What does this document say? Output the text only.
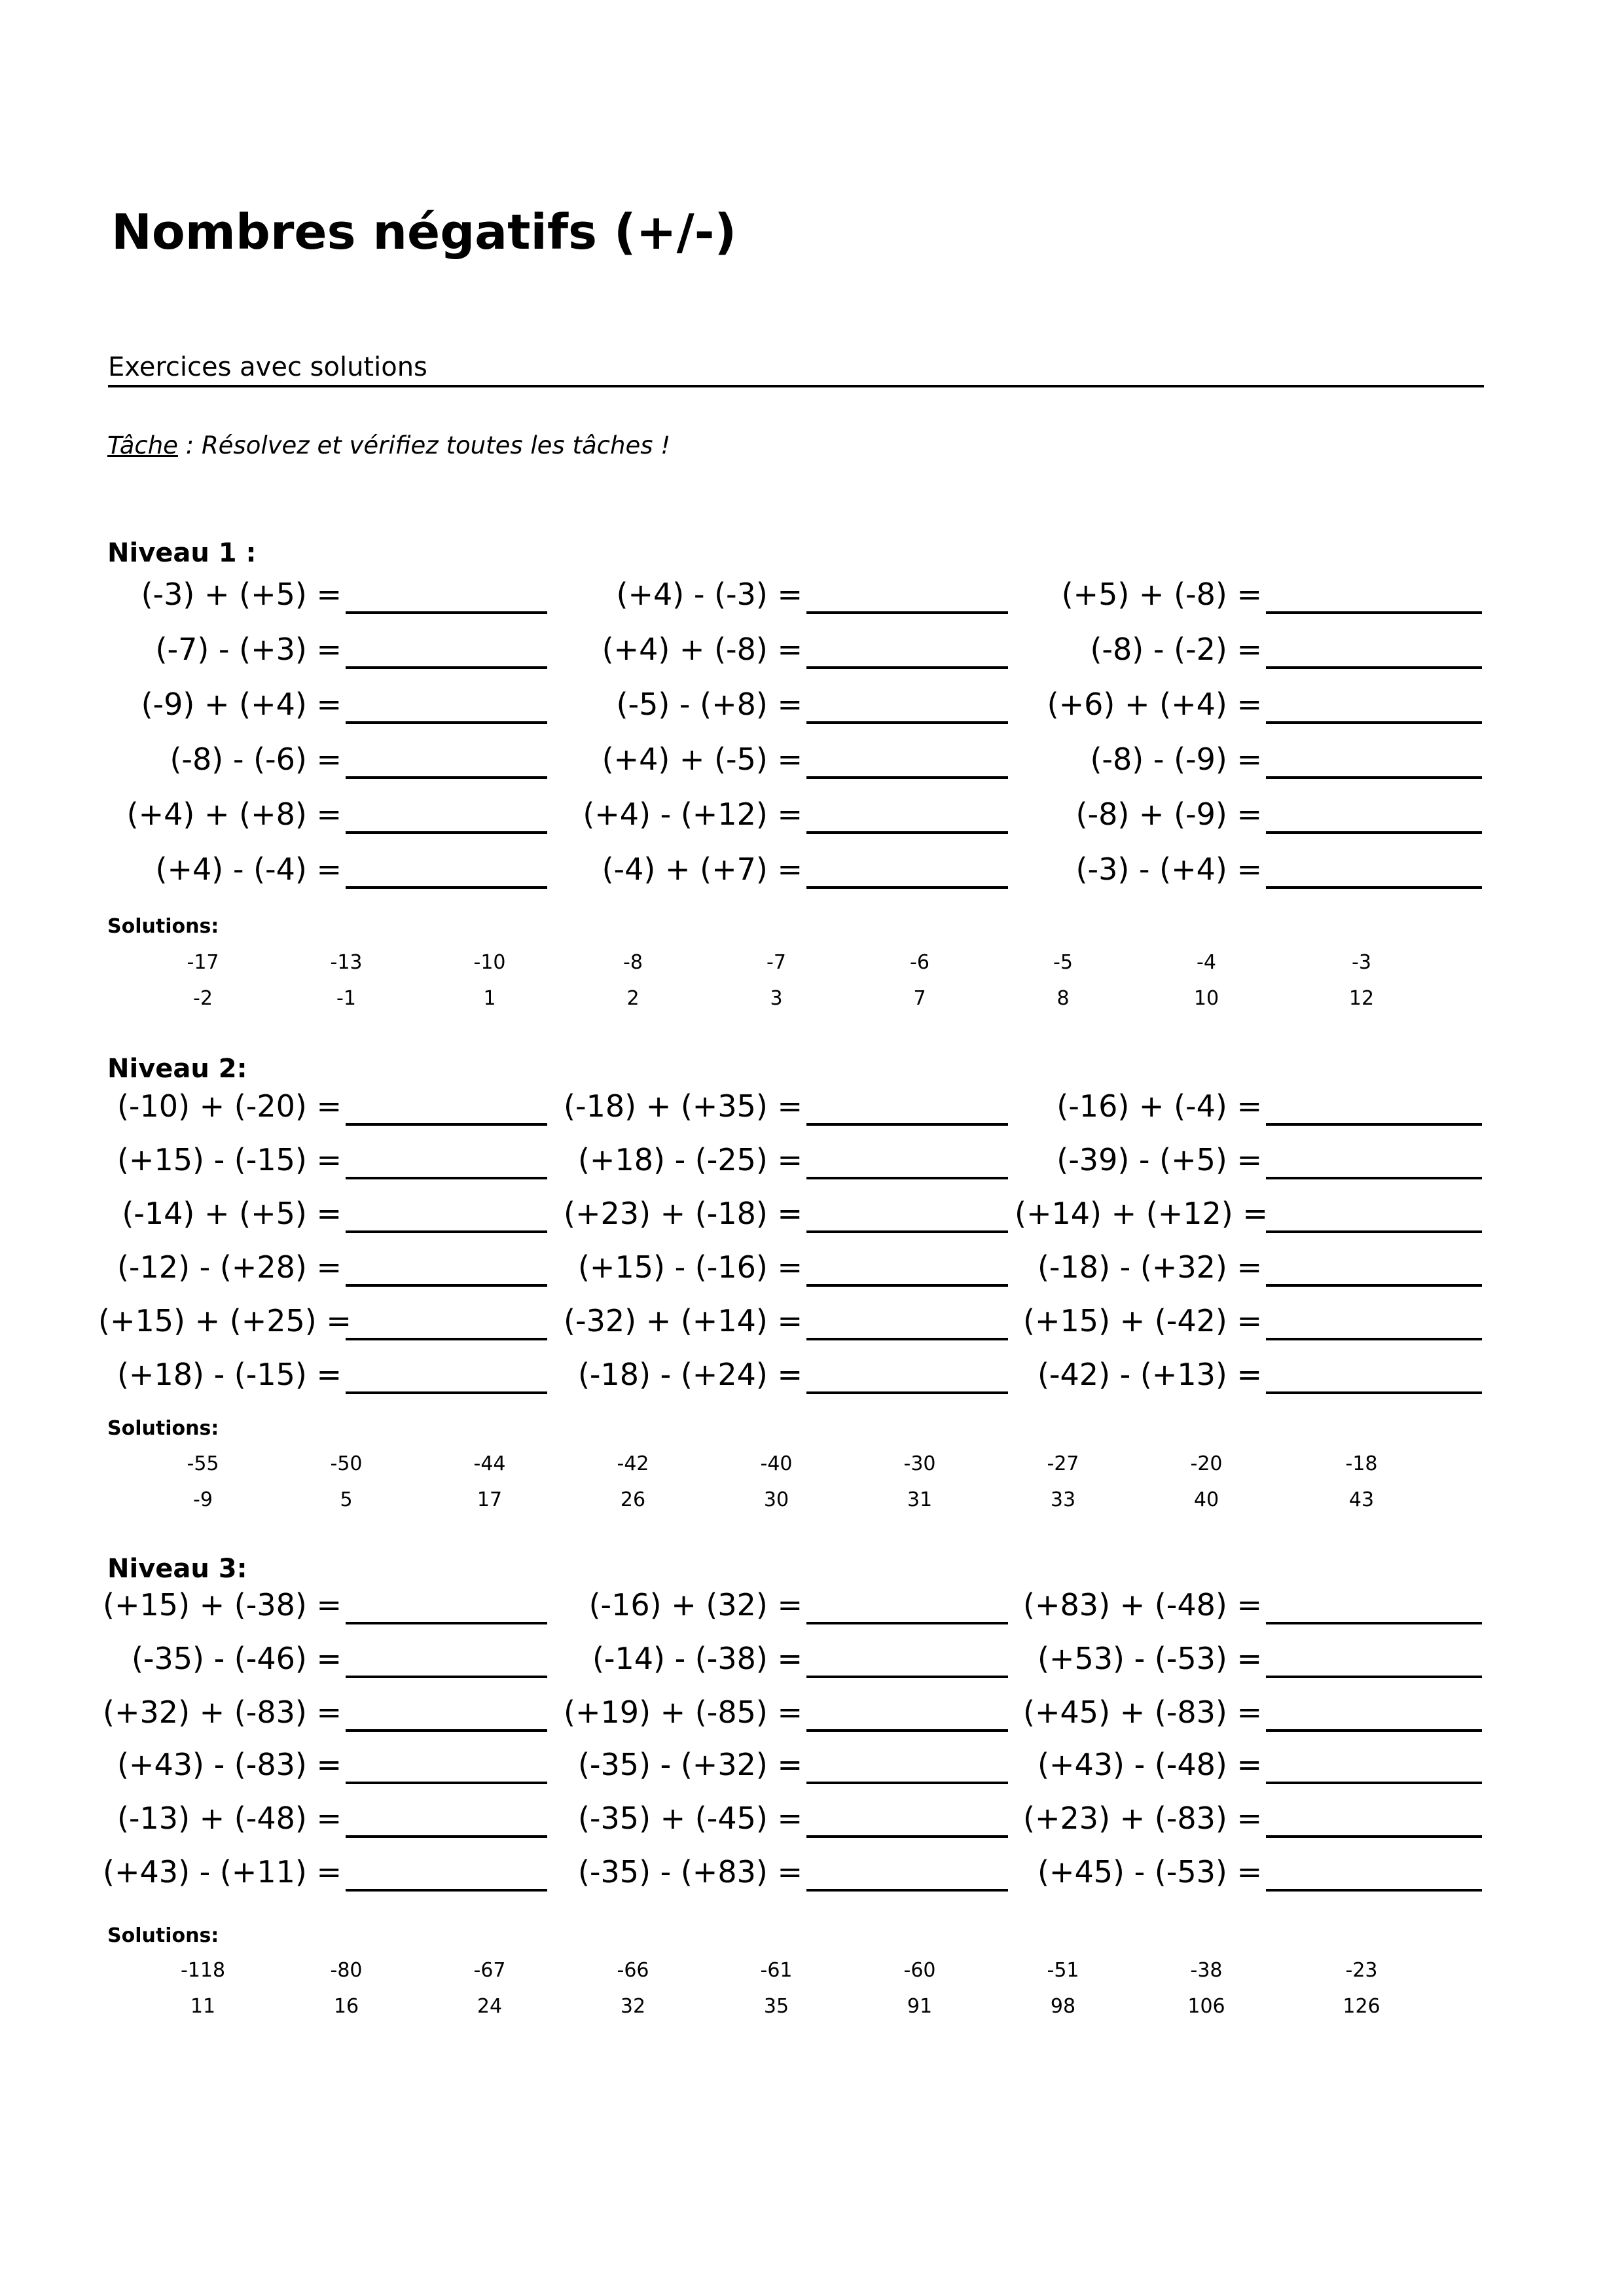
Nombres négatifs (+/-)
Exercices avec solutions
Tâche : Résolvez et vérifiez toutes les tâches !
Niveau 1 :
(-3) + (+5) =	(+4) - (-3) =	(+5) + (-8) =
(-7) - (+3) =	(+4) + (-8) =	(-8) - (-2) =
(-9) + (+4) =	(-5) - (+8) =	(+6) + (+4) =
(-8) - (-6) =	(+4) + (-5) =	(-8) - (-9) =
(+4) + (+8) =	(+4) - (+12) =	(-8) + (-9) =
(+4) - (-4) =	(-4) + (+7) =	(-3) - (+4) =
Solutions:
-17	-13	-10	-8	-7	-6	-5	-4	-3
-2	-1	1	2	3	7	8	10	12
Niveau 2:
(-10) + (-20) =	(-18) + (+35) =	(-16) + (-4) =
(+15) - (-15) =	(+18) - (-25) =	(-39) - (+5) =
(-14) + (+5) =	(+23) + (-18) =	(+14) + (+12) =
(-12) - (+28) =	(+15) - (-16) =	(-18) - (+32) =
(+15) + (+25) =	(-32) + (+14) =	(+15) + (-42) =
(+18) - (-15) =	(-18) - (+24) =	(-42) - (+13) =
Solutions:
-55	-50	-44	-42	-40	-30	-27	-20	-18
-9	5	17	26	30	31	33	40	43
Niveau 3:
(+15) + (-38) =	(-16) + (32) =	(+83) + (-48) =
(-35) - (-46) =	(-14) - (-38) =	(+53) - (-53) =
(+32) + (-83) =	(+19) + (-85) =	(+45) + (-83) =
(+43) - (-83) =	(-35) - (+32) =	(+43) - (-48) =
(-13) + (-48) =	(-35) + (-45) =	(+23) + (-83) =
(+43) - (+11) =	(-35) - (+83) =	(+45) - (-53) =
Solutions:
-118	-80	-67	-66	-61	-60	-51	-38	-23
11	16	24	32	35	91	98	106	126
